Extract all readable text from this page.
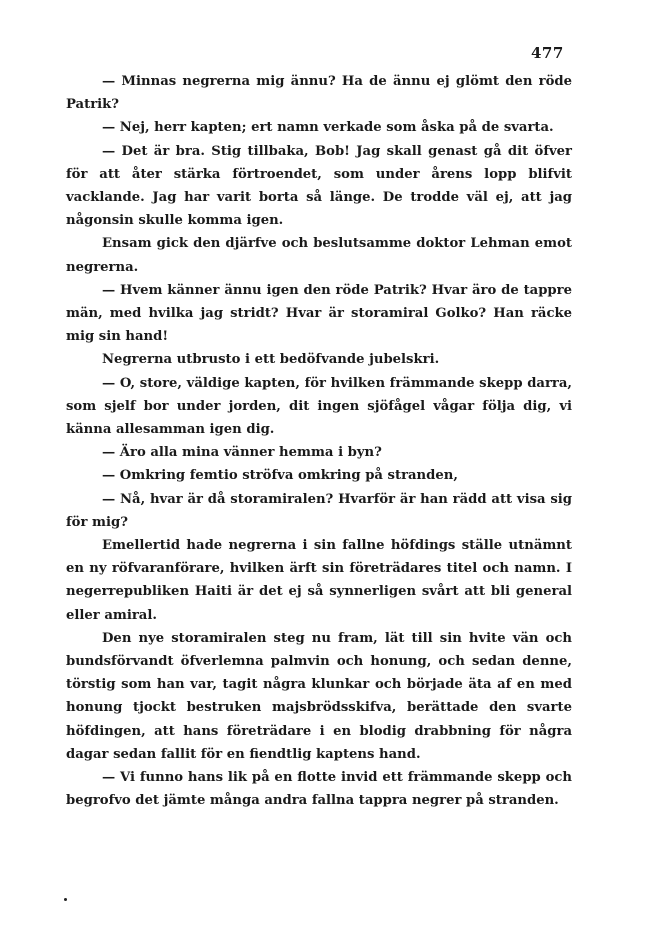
477

— Minnas negrerna mig ännu? Ha de ännu ej glömt den röde Patrik?

— Nej, herr kapten; ert namn verkade som åska på de svarta.

— Det är bra. Stig tillbaka, Bob! Jag skall genast gå dit öfver för att åter stärka förtroendet, som under årens lopp blifvit vacklande. Jag har varit borta så länge. De trodde väl ej, att jag någonsin skulle komma igen.

Ensam gick den djärfve och beslutsamme doktor Lehman emot negrerna.

— Hvem känner ännu igen den röde Patrik? Hvar äro de tappre män, med hvilka jag stridt? Hvar är storamiral Golko? Han räcke mig sin hand!

Negrerna utbrusto i ett bedöfvande jubelskri.

— O, store, väldige kapten, för hvilken främmande skepp darra, som sjelf bor under jorden, dit ingen sjöfågel vågar följa dig, vi känna allesamman igen dig.

— Äro alla mina vänner hemma i byn?

— Omkring femtio ströfva omkring på stranden,

— Nå, hvar är då storamiralen? Hvarför är han rädd att visa sig för mig?

Emellertid hade negrerna i sin fallne höfdings ställe utnämnt en ny röfvaranförare, hvilken ärft sin företrädares titel och namn. I negerrepubliken Haiti är det ej så synnerligen svårt att bli general eller amiral.

Den nye storamiralen steg nu fram, lät till sin hvite vän och bundsförvandt öfverlemna palmvin och honung, och sedan denne, törstig som han var, tagit några klunkar och började äta af en med honung tjockt bestruken majsbrödsskifva, berättade den svarte höfdingen, att hans företrädare i en blodig drabbning för några dagar sedan fallit för en fiendtlig kaptens hand.

— Vi funno hans lik på en flotte invid ett främmande skepp och begrofvo det jämte många andra fallna tappra negrer på stranden.
